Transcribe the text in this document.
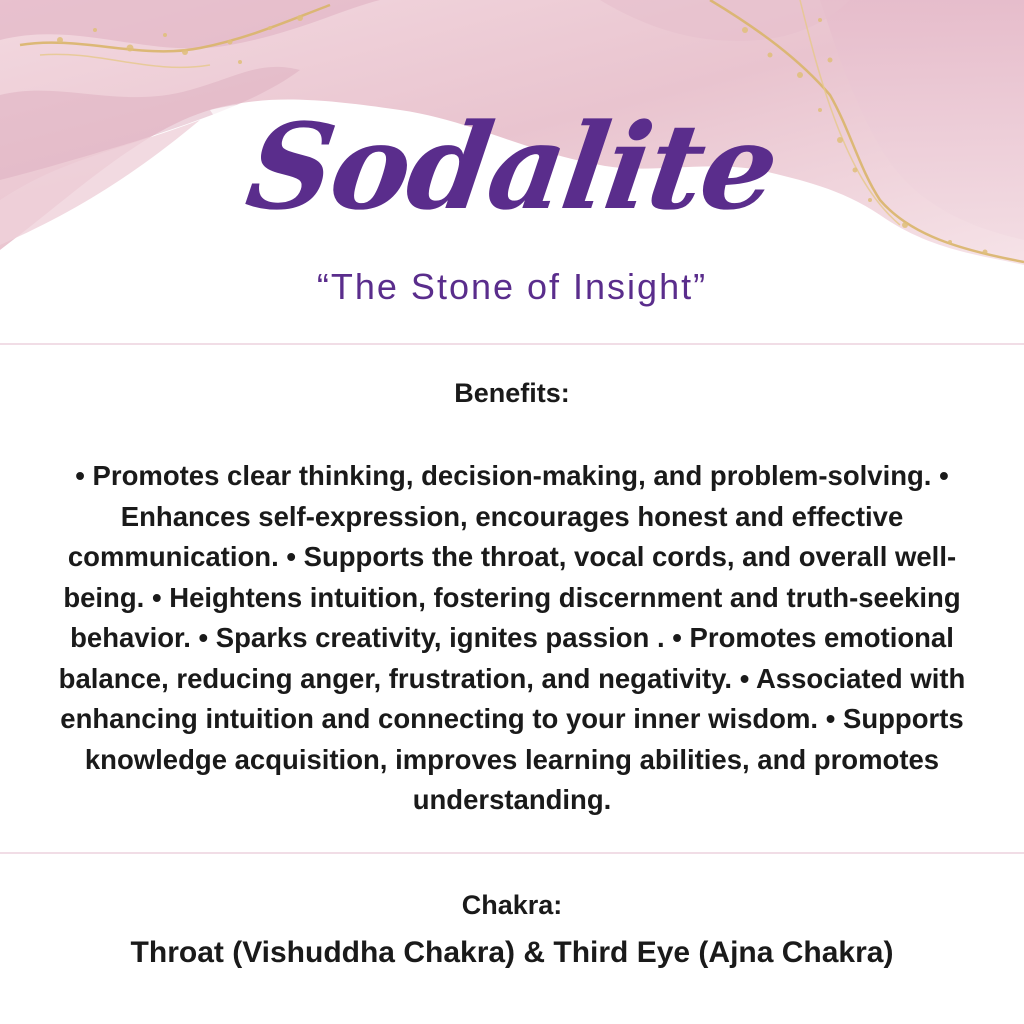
Sodalite
“The Stone of Insight”
Benefits:
• Promotes clear thinking, decision-making, and problem-solving. • Enhances self-expression, encourages honest and effective communication. • Supports the throat, vocal cords, and overall well-being. • Heightens intuition, fostering discernment and truth-seeking behavior. • Sparks creativity, ignites passion . • Promotes emotional balance, reducing anger, frustration, and negativity. • Associated with enhancing intuition and connecting to your inner wisdom. • Supports knowledge acquisition, improves learning abilities, and promotes understanding.
Chakra:
Throat (Vishuddha Chakra) & Third Eye (Ajna Chakra)
